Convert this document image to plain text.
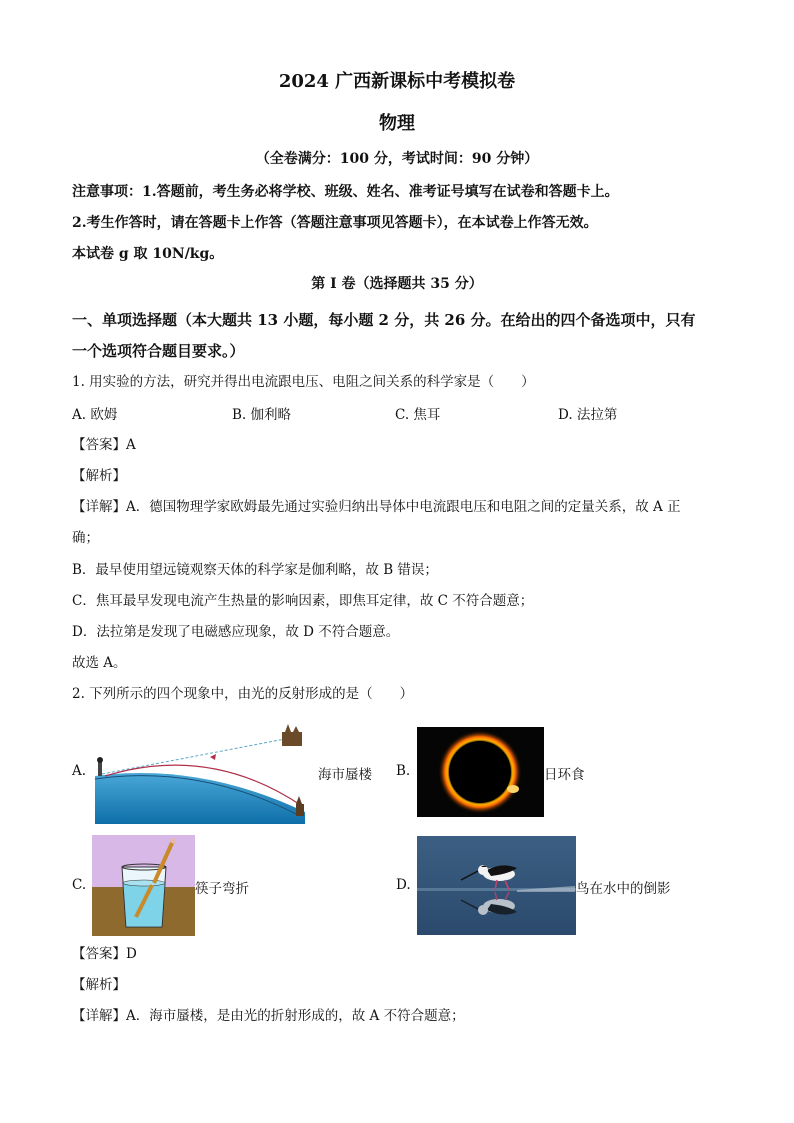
2024 广西新课标中考模拟卷
物理
（全卷满分：100 分，考试时间：90 分钟）
注意事项：1.答题前，考生务必将学校、班级、姓名、准考证号填写在试卷和答题卡上。
2.考生作答时，请在答题卡上作答（答题注意事项见答题卡），在本试卷上作答无效。
本试卷 g 取 10N/kg。
第 I 卷（选择题共 35 分）
一、单项选择题（本大题共 13 小题，每小题 2 分，共 26 分。在给出的四个备选项中，只有
一个选项符合题目要求。）
1. 用实验的方法，研究并得出电流跟电压、电阻之间关系的科学家是（　　）
A. 欧姆	B. 伽利略	C. 焦耳	D. 法拉第
【答案】A
【解析】
【详解】A．德国物理学家欧姆最先通过实验归纳出导体中电流跟电压和电阻之间的定量关系，故 A 正
确；
B．最早使用望远镜观察天体的科学家是伽利略，故 B 错误；
C．焦耳最早发现电流产生热量的影响因素，即焦耳定律，故 C 不符合题意；
D．法拉第是发现了电磁感应现象，故 D 不符合题意。
故选 A。
2. 下列所示的四个现象中，由光的反射形成的是（　　）
A.	海市蜃楼 B.	日环食
C.	筷子弯折	D.	鸟在水中的倒影
【答案】D
【解析】
【详解】A．海市蜃楼，是由光的折射形成的，故 A 不符合题意；
